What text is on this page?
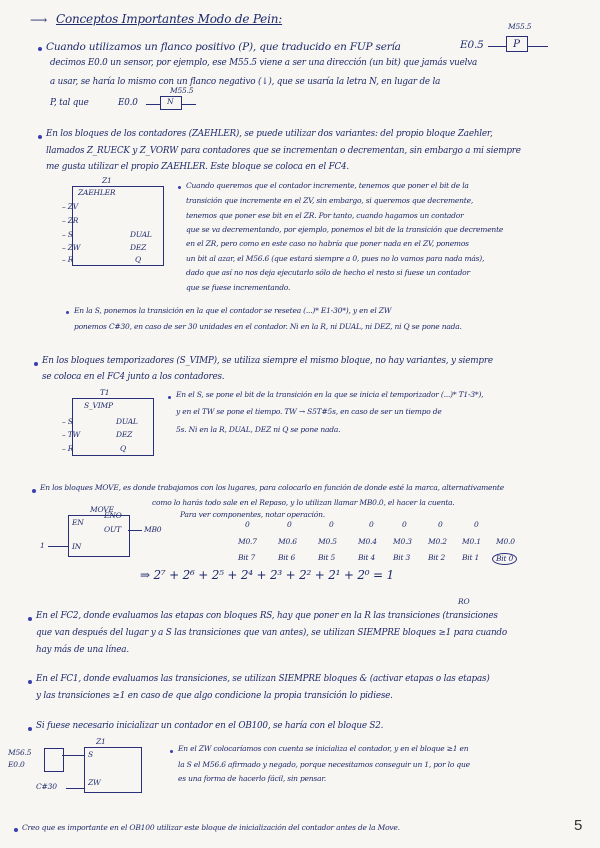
⟶ Conceptos Importantes Modo de Pein:
M55.5
Cuando utilizamos un flanco positivo (P), que traducido en FUP sería	E0.5	P
decimos E0.0 un sensor, por ejemplo, ese M55.5 viene a ser una dirección (un bit) que jamás vuelva
a usar, se haría lo mismo con un flanco negativo (↓), que se usaría la letra N, en lugar de la
P, tal que	E0.0
M55.5
N
En los bloques de los contadores (ZAEHLER), se puede utilizar dos variantes: del propio bloque Zaehler,
llamados Z_RUECK y Z_VORW para contadores que se incrementan o decrementan, sin embargo a mi siempre
me gusta utilizar el propio ZAEHLER. Este bloque se coloca en el FC4.
Z1
ZAEHLER
– ZV
– ZR
– S	DUAL
– ZW	DEZ
– R	Q
Cuando queremos que el contador incremente, tenemos que poner el bit de la
transición que incremente en el ZV, sin embargo, si queremos que decremente,
tenemos que poner ese bit en el ZR. Por tanto, cuando hagamos un contador
que se va decrementando, por ejemplo, ponemos el bit de la transición que decremente
en el ZR, pero como en este caso no habría que poner nada en el ZV, ponemos
un bit al azar, el M56.6 (que estará siempre a 0, pues no lo vamos para nada más),
dado que así no nos deja ejecutarlo sólo de hecho el resto si fuese un contador
que se fuese incrementando.
En la S, ponemos la transición en la que el contador se resetea (...)* E1-30*), y en el ZW
ponemos C#30, en caso de ser 30 unidades en el contador. Ni en la R, ni DUAL, ni DEZ, ni Q se pone nada.
En los bloques temporizadores (S_VIMP), se utiliza siempre el mismo bloque, no hay variantes, y siempre
se coloca en el FC4 junto a los contadores.
T1
S_VIMP
– S	DUAL
– TW	DEZ
– R	Q
En el S, se pone el bit de la transición en la que se inicia el temporizador (...)* T1-3*),
y en el TW se pone el tiempo. TW → S5T#5s, en caso de ser un tiempo de
5s. Ni en la R, DUAL, DEZ ni Q se pone nada.
En los bloques MOVE, es donde trabajamos con los lugares, para colocarlo en función de donde esté la marca, alternativamente
como lo harás todo sale en el Repaso, y lo utilizan llamar MB0.0, el hacer la cuenta.
Para ver componentes, notar operación.
MOVE
EN
OUT
ENO
MB0
IN
1
0	0	0	0	0	0	0
M0.7	M0.6	M0.5	M0.4 M0.3 M0.2 M0.1 M0.0
Bit 7	Bit 6	Bit 5	Bit 4 Bit 3 Bit 2 Bit 1	Bit 0
⇒ 2⁷ + 2⁶ + 2⁵ + 2⁴ + 2³ + 2² + 2¹ + 2⁰ = 1
RO
En el FC2, donde evaluamos las etapas con bloques RS, hay que poner en la R las transiciones (transiciones
que van después del lugar y a S las transiciones que van antes), se utilizan SIEMPRE bloques ≥1 para cuando
hay más de una línea.
En el FC1, donde evaluamos las transiciones, se utilizan SIEMPRE bloques & (activar etapas o las etapas)
y las transiciones ≥1 en caso de que algo condicione la propia transición lo pidiese.
Si fuese necesario inicializar un contador en el OB100, se haría con el bloque S2.
Z1
S
ZW
M56.5
E0.0
C#30
En el ZW colocaríamos con cuenta se inicializa el contador, y en el bloque ≥1 en
la S el M56.6 afirmado y negado, porque necesitamos conseguir un 1, por lo que
es una forma de hacerlo fácil, sin pensar.
Creo que es importante en el OB100 utilizar este bloque de inicialización del contador antes de la Move.	5
